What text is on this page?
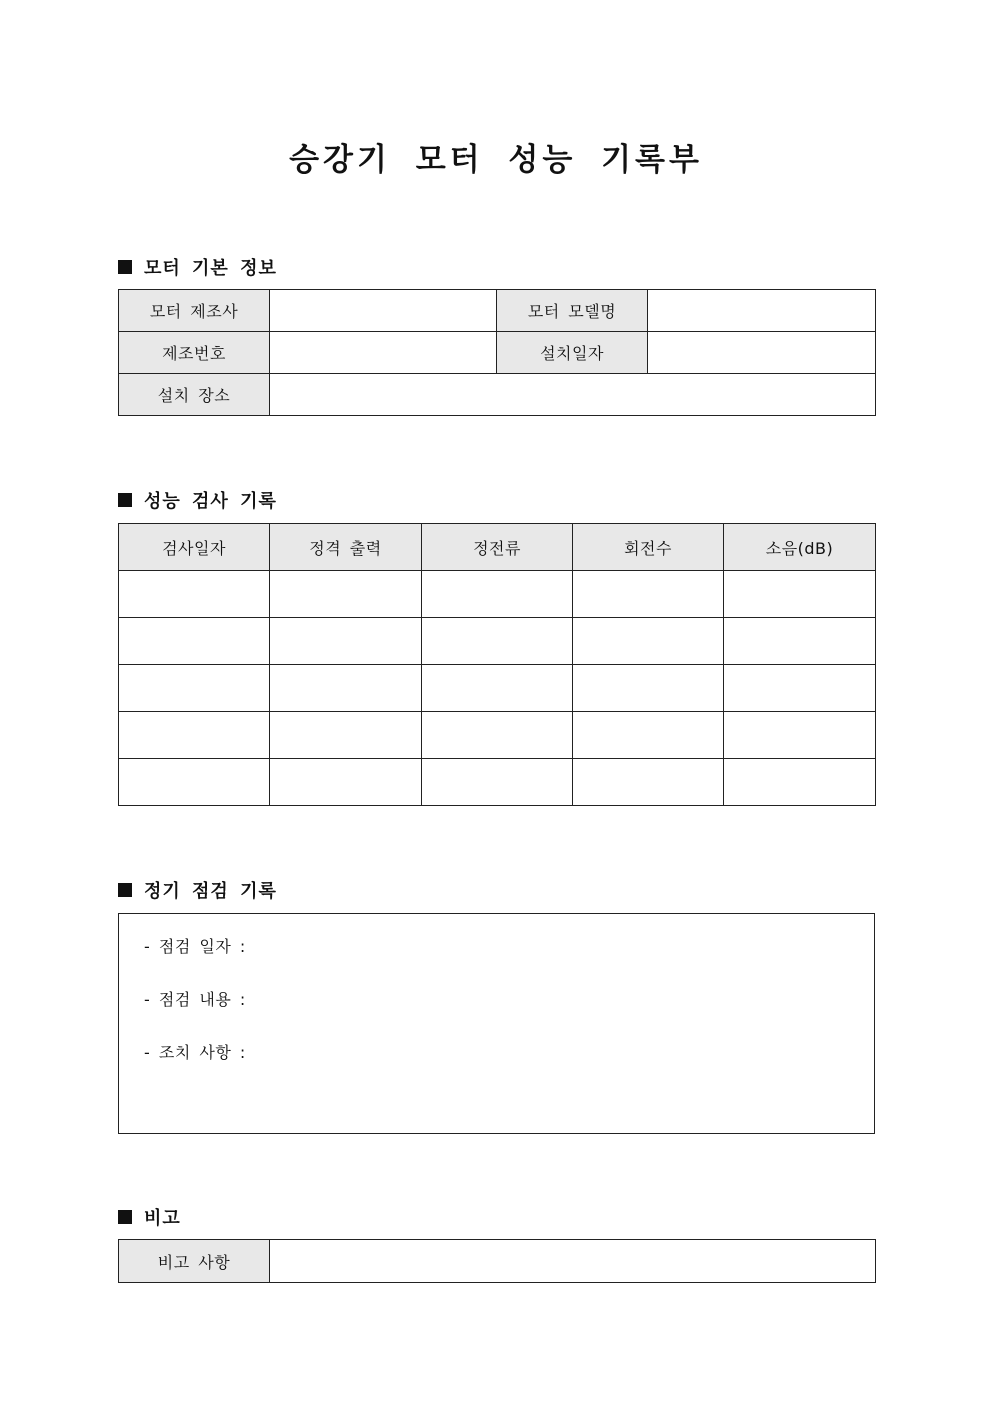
승강기 모터 성능 기록부
모터 기본 정보
모터 제조사		모터 모델명	
제조번호		설치일자	
설치 장소			
성능 검사 기록
검사일자	정격 출력	정전류	회전수	소음(dB)

정기 점검 기록
- 점검 일자 :
- 점검 내용 :
- 조치 사항 :
비고
비고 사항	
